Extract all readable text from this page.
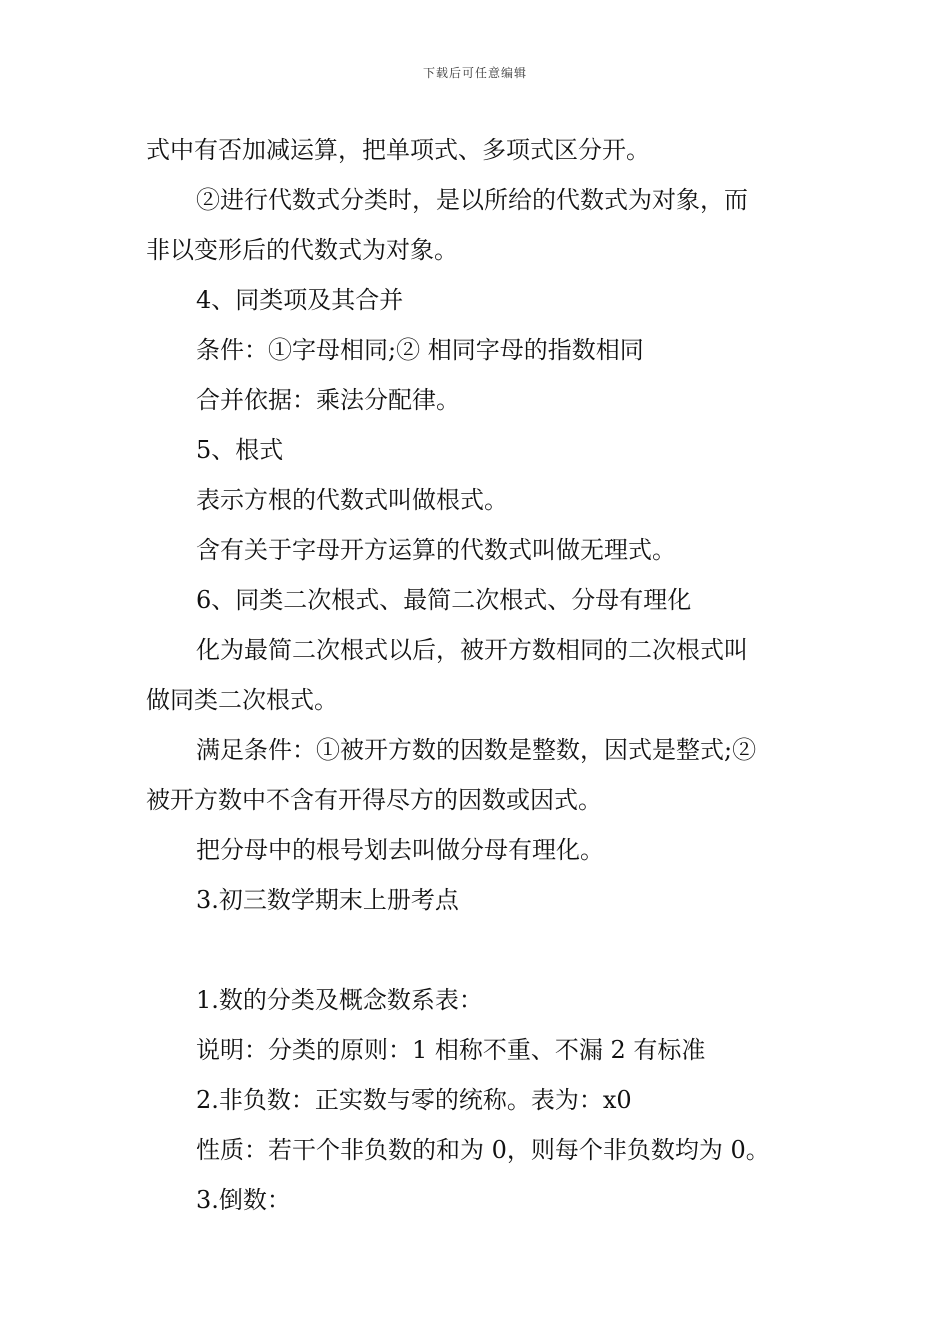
下载后可任意编辑
式中有否加减运算，把单项式、多项式区分开。
②进行代数式分类时，是以所给的代数式为对象，而
非以变形后的代数式为对象。
4、同类项及其合并
条件：①字母相同;② 相同字母的指数相同
合并依据：乘法分配律。
5、根式
表示方根的代数式叫做根式。
含有关于字母开方运算的代数式叫做无理式。
6、同类二次根式、最简二次根式、分母有理化
化为最简二次根式以后，被开方数相同的二次根式叫
做同类二次根式。
满足条件：①被开方数的因数是整数，因式是整式;②
被开方数中不含有开得尽方的因数或因式。
把分母中的根号划去叫做分母有理化。
3.初三数学期末上册考点
1.数的分类及概念数系表：
说明：分类的原则：1 相称不重、不漏 2 有标准
2.非负数：正实数与零的统称。表为：x0
性质：若干个非负数的和为 0，则每个非负数均为 0。
3.倒数：
